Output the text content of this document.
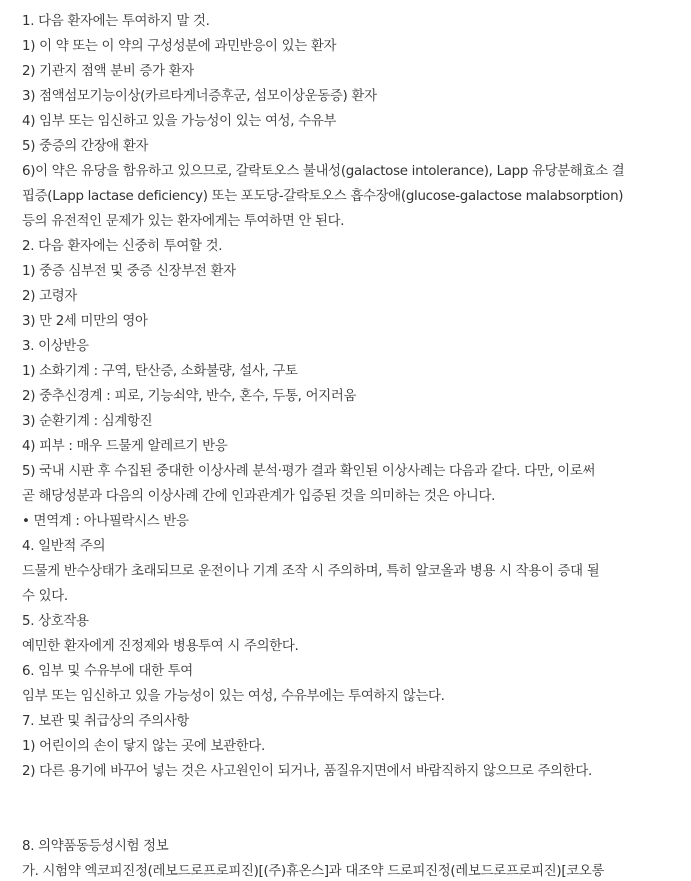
1. 다음 환자에는 투여하지 말 것.
1) 이 약 또는 이 약의 구성성분에 과민반응이 있는 환자
2) 기관지 점액 분비 증가 환자
3) 점액섬모기능이상(카르타게너증후군, 섬모이상운동증) 환자
4) 임부 또는 임신하고 있을 가능성이 있는 여성, 수유부
5) 중증의 간장애 환자
6)이 약은 유당을 함유하고 있으므로, 갈락토오스 불내성(galactose intolerance), Lapp 유당분해효소 결
핍증(Lapp lactase deficiency) 또는 포도당-갈락토오스 흡수장애(glucose-galactose malabsorption)
등의 유전적인 문제가 있는 환자에게는 투여하면 안 된다.
2. 다음 환자에는 신중히 투여할 것.
1) 중증 심부전 및 중증 신장부전 환자
2) 고령자
3) 만 2세 미만의 영아
3. 이상반응
1) 소화기계 : 구역, 탄산증, 소화불량, 설사, 구토
2) 중추신경계 : 피로, 기능쇠약, 반수, 혼수, 두통, 어지러움
3) 순환기계 : 심계항진
4) 피부 : 매우 드물게 알레르기 반응
5) 국내 시판 후 수집된 중대한 이상사례 분석·평가 결과 확인된 이상사례는 다음과 같다. 다만, 이로써
곧 해당성분과 다음의 이상사례 간에 인과관계가 입증된 것을 의미하는 것은 아니다.
• 면역계 : 아나필락시스 반응
4. 일반적 주의
드물게 반수상태가 초래되므로 운전이나 기계 조작 시 주의하며, 특히 알코올과 병용 시 작용이 증대 될
수 있다.
5. 상호작용
예민한 환자에게 진정제와 병용투여 시 주의한다.
6. 임부 및 수유부에 대한 투여
임부 또는 임신하고 있을 가능성이 있는 여성, 수유부에는 투여하지 않는다.
7. 보관 및 취급상의 주의사항
1) 어린이의 손이 닿지 않는 곳에 보관한다.
2) 다른 용기에 바꾸어 넣는 것은 사고원인이 되거나, 품질유지면에서 바람직하지 않으므로 주의한다.
8. 의약품동등성시험 정보
가. 시험약 엑코피진정(레보드로프로피진)[(주)휴온스]과 대조약 드로피진정(레보드로프로피진)[코오롱
